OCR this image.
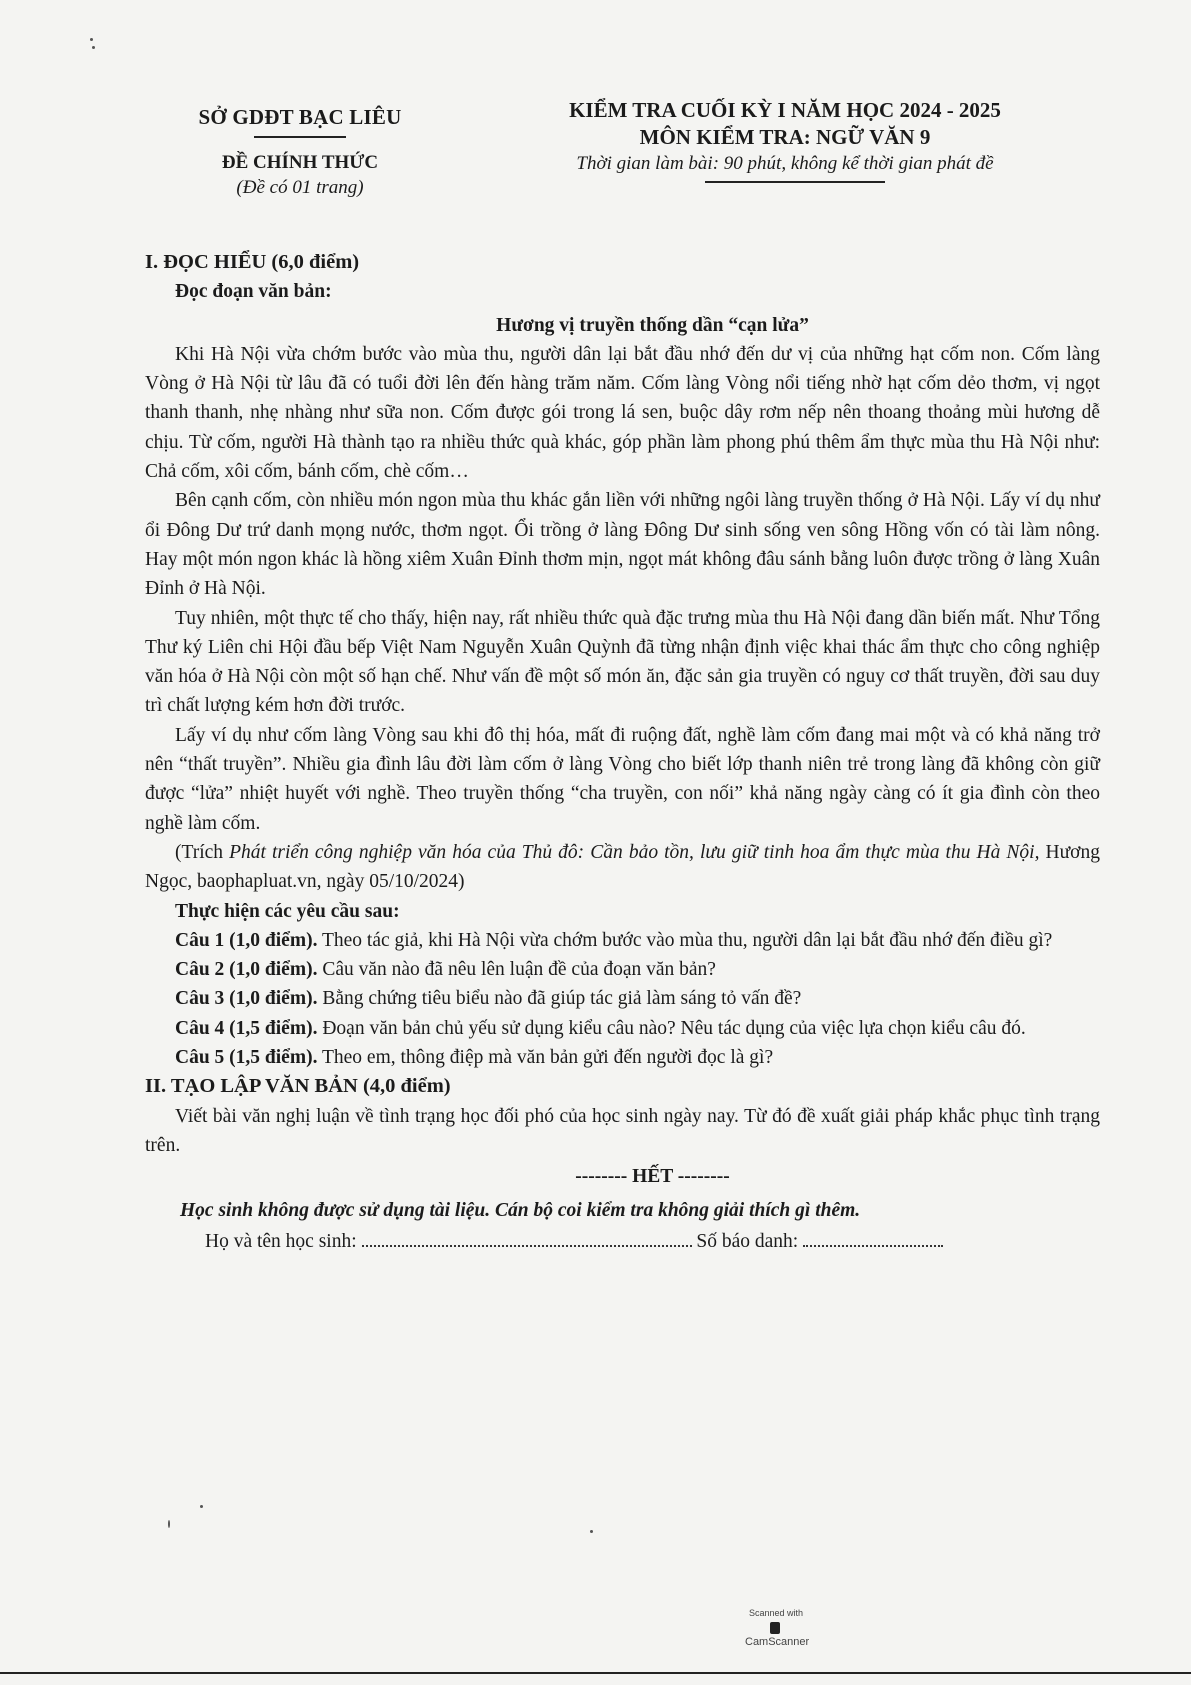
SỞ GDĐT BẠC LIÊU
ĐỀ CHÍNH THỨC
(Đề có 01 trang)
KIỂM TRA CUỐI KỲ I NĂM HỌC 2024 - 2025
MÔN KIỂM TRA: NGỮ VĂN 9
Thời gian làm bài: 90 phút, không kể thời gian phát đề
I. ĐỌC HIỂU (6,0 điểm)
Đọc đoạn văn bản:
Hương vị truyền thống dần “cạn lửa”

Khi Hà Nội vừa chớm bước vào mùa thu, người dân lại bắt đầu nhớ đến dư vị của những hạt cốm non. Cốm làng Vòng ở Hà Nội từ lâu đã có tuổi đời lên đến hàng trăm năm. Cốm làng Vòng nổi tiếng nhờ hạt cốm dẻo thơm, vị ngọt thanh thanh, nhẹ nhàng như sữa non. Cốm được gói trong lá sen, buộc dây rơm nếp nên thoang thoảng mùi hương dễ chịu. Từ cốm, người Hà thành tạo ra nhiều thức quà khác, góp phần làm phong phú thêm ẩm thực mùa thu Hà Nội như: Chả cốm, xôi cốm, bánh cốm, chè cốm…

Bên cạnh cốm, còn nhiều món ngon mùa thu khác gắn liền với những ngôi làng truyền thống ở Hà Nội. Lấy ví dụ như ổi Đông Dư trứ danh mọng nước, thơm ngọt. Ổi trồng ở làng Đông Dư sinh sống ven sông Hồng vốn có tài làm nông. Hay một món ngon khác là hồng xiêm Xuân Đỉnh thơm mịn, ngọt mát không đâu sánh bằng luôn được trồng ở làng Xuân Đỉnh ở Hà Nội.

Tuy nhiên, một thực tế cho thấy, hiện nay, rất nhiều thức quà đặc trưng mùa thu Hà Nội đang dần biến mất. Như Tổng Thư ký Liên chi Hội đầu bếp Việt Nam Nguyễn Xuân Quỳnh đã từng nhận định việc khai thác ẩm thực cho công nghiệp văn hóa ở Hà Nội còn một số hạn chế. Như vấn đề một số món ăn, đặc sản gia truyền có nguy cơ thất truyền, đời sau duy trì chất lượng kém hơn đời trước.

Lấy ví dụ như cốm làng Vòng sau khi đô thị hóa, mất đi ruộng đất, nghề làm cốm đang mai một và có khả năng trở nên “thất truyền”. Nhiều gia đình lâu đời làm cốm ở làng Vòng cho biết lớp thanh niên trẻ trong làng đã không còn giữ được “lửa” nhiệt huyết với nghề. Theo truyền thống “cha truyền, con nối” khả năng ngày càng có ít gia đình còn theo nghề làm cốm.

(Trích Phát triển công nghiệp văn hóa của Thủ đô: Cần bảo tồn, lưu giữ tinh hoa ẩm thực mùa thu Hà Nội, Hương Ngọc, baophapluat.vn, ngày 05/10/2024)

Thực hiện các yêu cầu sau:

Câu 1 (1,0 điểm). Theo tác giả, khi Hà Nội vừa chớm bước vào mùa thu, người dân lại bắt đầu nhớ đến điều gì?

Câu 2 (1,0 điểm). Câu văn nào đã nêu lên luận đề của đoạn văn bản?

Câu 3 (1,0 điểm). Bằng chứng tiêu biểu nào đã giúp tác giả làm sáng tỏ vấn đề?

Câu 4 (1,5 điểm). Đoạn văn bản chủ yếu sử dụng kiểu câu nào? Nêu tác dụng của việc lựa chọn kiểu câu đó.

Câu 5 (1,5 điểm). Theo em, thông điệp mà văn bản gửi đến người đọc là gì?

II. TẠO LẬP VĂN BẢN (4,0 điểm)

Viết bài văn nghị luận về tình trạng học đối phó của học sinh ngày nay. Từ đó đề xuất giải pháp khắc phục tình trạng trên.

-------- HẾT --------
Học sinh không được sử dụng tài liệu. Cán bộ coi kiểm tra không giải thích gì thêm.
Họ và tên học sinh:	Số báo danh:
Scanned with
CamScanner
